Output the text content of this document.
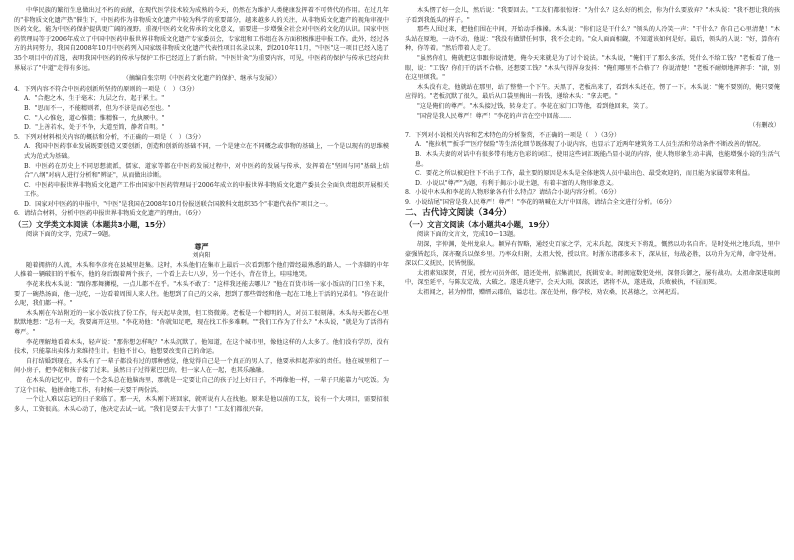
中华民族的繁衍生息做出过不朽的贡献，在现代医学技术较为成熟的今天，仍然在为维护人类健康发挥着不可替代的作用。在过几年的"非物质文化遗产热"催生下，中医药作为非物质文化遗产中较为科学的重要部分，越来越多人的关注，从非物质文化遗产的视角审视中医药文化，能为中医药保护提供更广阔的视野。重视中医药文化传承的文化意义，需要进一步增强全社会对中医药文化的认识。国家中医药管理局等于2006年成立了中国中医药申报世界非物质文化遗产专家委员会，专家组和工作组在各方面积极推进申报工作。此外，经过各方的共同努力，我国自2008年10月中医药列入国家级非物质文化遗产代表性项目名录以来，到2010年11月，"中医"这一项目已经入选了35个项目中的首选，表明我国中医药的传承与保护工作已经迈上了新台阶。"中医针灸"为重要内容，可见，中医药的保护与传承已经向世界展示了"中道"走得有多远。
（摘编自张宗明《中医药文化遗产的保护、继承与发展》）
4．下列内容不符合中医药创新所坚持的原则的一项是（　）（3分）
A．"合抱之木，生于毫末；九层之台，起于累土。"
B．"思而不一，不能精则者，但为不济是而必至也。"
C．"人心惟危，道心惟微；惟精惟一，允执厥中。"
D．"上善若水，处于不争，大道至简，静者自明。"
5．下列对材料相关内容的概括和分析，不正确的一项是（　）（3分）
A．我国中医药事业发展既要创造又要创新，创造和创新的基础不同，一个是建立在不同概念或事物的基础上，一个是以现有的思维模式为范式为基础。
B．中医药在历史上不同思想流派，儒家、道家等都在中医药发展过程中，对中医药的发展与传承，发挥着在"坚固与同"基础上结合"八纲"对病人进行分析和"辨证"，从而做出诊断。
C．中医药申报世界非物质文化遗产工作由国家中医药管理局于2006年成立的申报世界非物质文化遗产委员会全面负责组织开展相关工作。
D．国家对中医药的申报中，"中医"是我国在2008年10月份报送联合国教科文组织35个"非遗代表作"项目之一。
6．请结合材料，分析中医药申报世界非物质文化遗产的理由。（6分）
（三）文学类文本阅读（本题共3小题，15分）
阅读下面的文字，完成7～9题。
尊严
刘向阳
随着拥挤的人流，木头和李彦亮在县城里赶集。这时，木头他们在集市上最后一次看到那个他们曾经最熟悉的路人，一个赤脚的中年人推着一辆破旧的平板车，他的身后跟着两个孩子，一个看上去七八岁，另一个还小，背在背上，哇哇地哭。
李花来找木头说："跟你那舞狮棍，一点儿都不在乎。"木头不敢了："这样我还能去哪儿？"他在百货市场一家小饭店的门口坐下来，要了一碗热汤面，他一边吃，一边看着周围人来人往。他想到了自己的父亲，想到了那些曾经和他一起在工地上干活的兄弟们。"你在说什么呢，我们都一样。"
木头刚在车站附近的一家小饭店找了份工作，每天起早贪黑，但工资微薄。老板是一个精明的人，对员工很刻薄。木头每天都在心里默默地想："总有一天，我要离开这里。"李花劝他："你就知足吧，现在找工作多难啊。""我们工作为了什么？"木头说，"就是为了活得有尊严。"
李花理解地看着木头，轻声说："那你想怎样呢？"木头沉默了。他知道，在这个城市里，像他这样的人太多了。他们没有学历，没有技术，只能靠出卖体力来维持生计。但他不甘心，他想要改变自己的命运。
自打结婚到现在，木头有了一辈子都没有过的那种感觉，他觉得自己是一个真正的男人了，他要承担起养家的责任。他在城里租了一间小房子，把李花和孩子接了过来。虽然日子过得紧巴巴的，但一家人在一起，也其乐融融。
在木头的记忆中，曾有一个念头总在他脑海里，那就是一定要让自己的孩子过上好日子，不再像他一样，一辈子只能靠力气吃饭。为了这个目标，他拼命地工作，有时候一天要干两份活。
一个让人难以忘记的日子来临了。那一天，木头刚下班回家，就听说有人在找他。原来是他以前的工友，说有一个大项目，需要招很多人，工资很高。木头心动了，他决定去试一试。"我们是要去干大事了！"工友们都很兴奋。
木头愣了好一会儿，然后说："我要回去。"工友们都很惊讶："为什么？这么好的机会，你为什么要放弃？"木头说："我不想让我的孩子看到我低头的样子。"
那些人围过来，把他们围在中间，开始动手推搡。木头说："你们这是干什么？"领头的人冷笑一声："干什么？你自己心里清楚！"木头站在原地，一动不动，他说："我没有做错任何事，我不会走的。"众人面面相觑，不知道该如何是好。最后，领头的人说："好，算你有种，你等着。"然后带着人走了。
"虽然你们，俺就把这事跟你说清楚，俺今天来就是为了讨个说法。"木头说，"俺们干了那么多活，凭什么不给工钱？"老板看了他一眼，说："工钱？你们干的活不合格，还想要工钱？"木头气得浑身发抖："俺们哪里不合格了？你说清楚！"老板不耐烦地挥挥手："滚，别在这里烦我。"
木头没有走，他就站在那里，站了整整一个下午。天黑了，老板出来了，看到木头还在，愣了一下。木头说："俺不要别的，俺只要俺应得的。"老板沉默了很久，最后从口袋里掏出一沓钱，递给木头："拿去吧。"
"这是俺们的尊严。"木头接过钱，转身走了。李花在家门口等他，看到他回来，笑了。
"国营是我人民尊严！尊严！"李花的声音在空中回荡……
（有删改）
7．下列对小说相关内容和艺术特色的分析鉴赏，不正确的一项是（　）（3分）
A．"拖拉机""扳手""医疗保险"等生活化细节既体现了小说内容，也显示了近两年建筑务工人员生活和劳动条件不断改善的情况。
B．木头夫妻的对话中有很多带有地方色彩的词汇，使用这些词汇既能凸显小说的内容，使人物形象生动丰满，也能增强小说的生活气息。
C．要花之所以被迫往下不出于工作，最主要的原因是木头是全体建筑人员中最出色、最受欢迎的，而且能为家属带来利益。
D．小说以"尊严"为题，有利于揭示小说主题，有着丰富的人物形象意义。
8．小说中木头和李花的人物形象各有什么特点？请结合小说内容分析。（6分）
9．小说结尾"国营是我人民尊严！尊严！"李花的呐喊在大厅中回荡，请结合全文进行分析。（6分）
二、古代诗文阅读（34分）
（一）文言文阅读（本小题共4小题，19分）
阅读下面的文言文，完成10～13题。
胡深，字仲渊，处州龙泉人。颖异有智略，通经史百家之学，元末兵起，深度天下将乱，慨然以功名自许。是时处州之地兵乱，里中豪强皆起兵，深亦聚兵以保乡里。乃率众归附，太祖大悦，授以官。时浙东诸郡多未下，深从征，每战必胜，以功升为元帅，命守处州。深以仁义抚民，民皆悦服。
太祖素知深贤，召见，授左司员外郎，遣还处州，招集流民，抚辑安业。时闽寇数犯处州，深督兵御之，屡有战功。太祖命深进取闽中，深至延平，与陈友定战，大破之。遂进兵建宁，会天大雨，深欲还，诸将不从，遂进战，兵败被执，不屈而死。
太祖闻之，甚为悼惜，赠缙云郡伯，谥忠壮。深在处州，修学校，劝农桑，民甚德之，立祠祀焉。
